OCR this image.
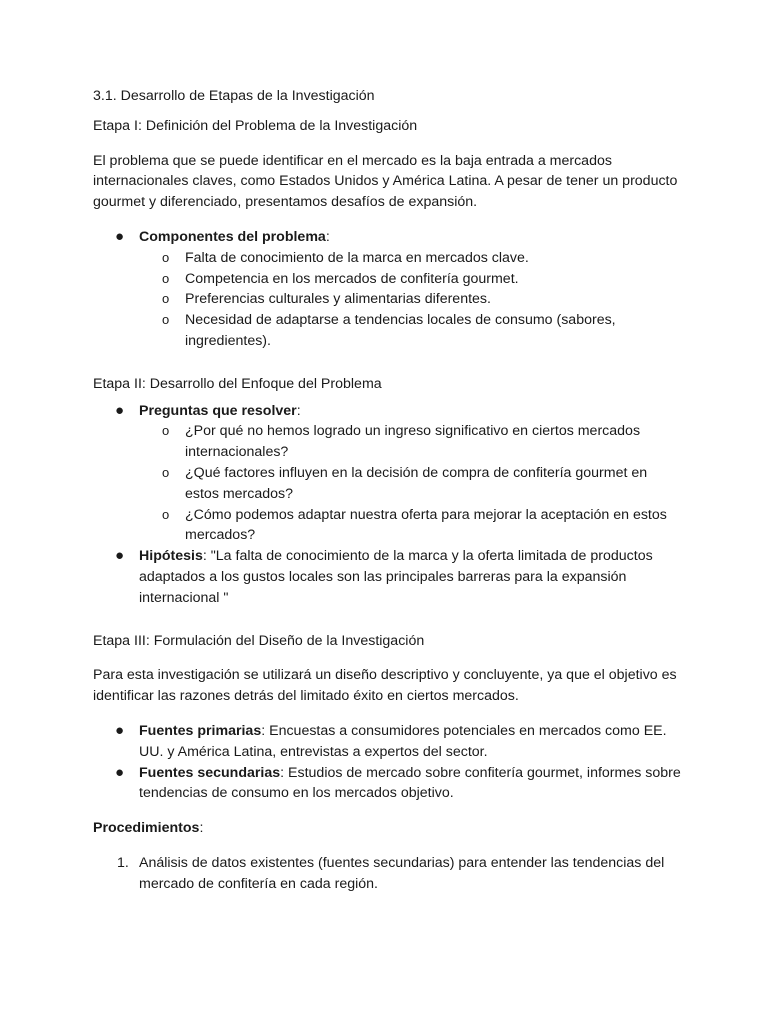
3.1. Desarrollo de Etapas de la Investigación

Etapa I: Definición del Problema de la Investigación

El problema que se puede identificar en el mercado es la baja entrada a mercados internacionales claves, como Estados Unidos y América Latina. A pesar de tener un producto gourmet y diferenciado, presentamos desafíos de expansión.

● Componentes del problema:
o Falta de conocimiento de la marca en mercados clave.
o Competencia en los mercados de confitería gourmet.
o Preferencias culturales y alimentarias diferentes.
o Necesidad de adaptarse a tendencias locales de consumo (sabores, ingredientes).

Etapa II: Desarrollo del Enfoque del Problema

● Preguntas que resolver:
o ¿Por qué no hemos logrado un ingreso significativo en ciertos mercados internacionales?
o ¿Qué factores influyen en la decisión de compra de confitería gourmet en estos mercados?
o ¿Cómo podemos adaptar nuestra oferta para mejorar la aceptación en estos mercados?
● Hipótesis: "La falta de conocimiento de la marca y la oferta limitada de productos adaptados a los gustos locales son las principales barreras para la expansión internacional "

Etapa III: Formulación del Diseño de la Investigación

Para esta investigación se utilizará un diseño descriptivo y concluyente, ya que el objetivo es identificar las razones detrás del limitado éxito en ciertos mercados.

● Fuentes primarias: Encuestas a consumidores potenciales en mercados como EE. UU. y América Latina, entrevistas a expertos del sector.
● Fuentes secundarias: Estudios de mercado sobre confitería gourmet, informes sobre tendencias de consumo en los mercados objetivo.

Procedimientos:

1. Análisis de datos existentes (fuentes secundarias) para entender las tendencias del mercado de confitería en cada región.
